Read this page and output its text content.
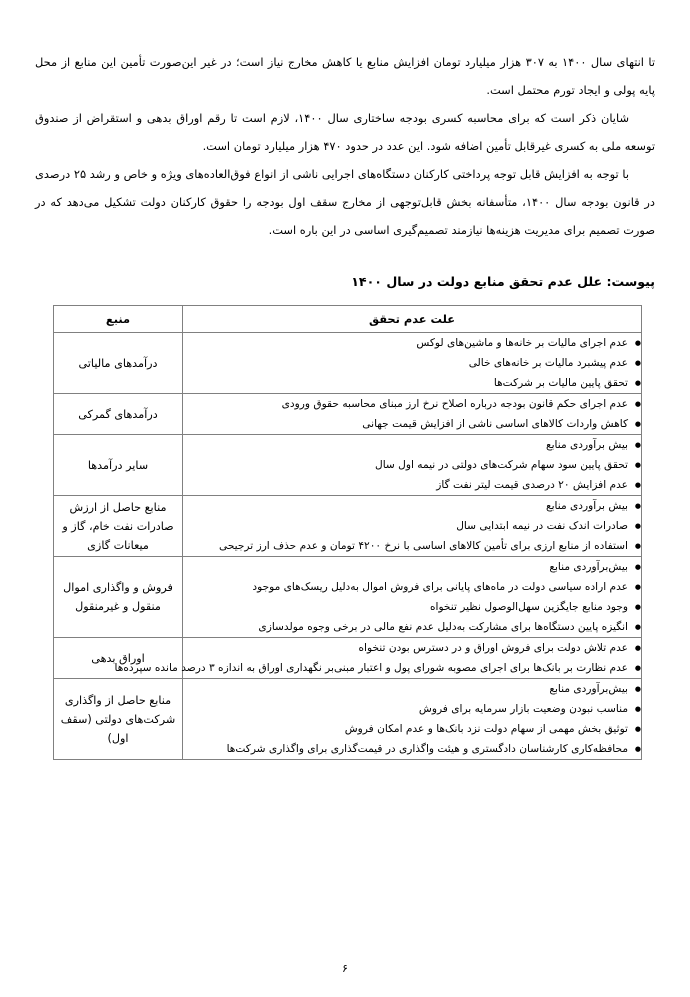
تا انتهای سال ۱۴۰۰ به ۳۰۷ هزار میلیارد تومان افزایش منابع یا کاهش مخارج نیاز است؛ در غیر این‌صورت تأمین این منابع از محل پایه پولی و ایجاد تورم محتمل است.

شایان ذکر است که برای محاسبه کسری بودجه ساختاری سال ۱۴۰۰، لازم است تا رقم اوراق بدهی و استقراض از صندوق توسعه ملی به کسری غیرقابل تأمین اضافه شود. این عدد در حدود ۴۷۰ هزار میلیارد تومان است.

با توجه به افزایش قابل توجه پرداختی کارکنان دستگاه‌های اجرایی ناشی از انواع فوق‌العاده‌های ویژه و خاص و رشد ۲۵ درصدی در قانون بودجه سال ۱۴۰۰، متأسفانه بخش قابل‌توجهی از مخارج سقف اول بودجه را حقوق کارکنان دولت تشکیل می‌دهد که در صورت تصمیم برای مدیریت هزینه‌ها نیازمند تصمیم‌گیری اساسی در این باره است.

پیوست: علل عدم تحقق منابع دولت در سال ۱۴۰۰
علت عدم تحقق	منبع

● عدم اجرای مالیات بر خانه‌ها و ماشین‌های لوکس
● عدم پیشبرد مالیات بر خانه‌های خالی
● تحقق پایین مالیات بر شرکت‌ها
	درآمدهای مالیاتی

● عدم اجرای حکم قانون بودجه درباره اصلاح نرخ ارز مبنای محاسبه حقوق ورودی
● کاهش واردات کالاهای اساسی ناشی از افزایش قیمت جهانی
	درآمدهای گمرکی

● بیش برآوردی منابع
● تحقق پایین سود سهام شرکت‌های دولتی در نیمه اول سال
● عدم افزایش ۲۰ درصدی قیمت لیتر نفت گاز
	سایر درآمدها

● بیش برآوردی منابع
● صادرات اندک نفت در نیمه ابتدایی سال
● استفاده از منابع ارزی برای تأمین کالاهای اساسی با نرخ ۴۲۰۰ تومان و عدم حذف ارز ترجیحی
	منابع حاصل از ارزش صادرات نفت خام، گاز و میعانات گازی

● بیش‌برآوردی منابع
● عدم اراده سیاسی دولت در ماه‌های پایانی برای فروش اموال به‌دلیل ریسک‌های موجود
● وجود منابع جایگزین سهل‌الوصول نظیر تنخواه
● انگیزه پایین دستگاه‌ها برای مشارکت به‌دلیل عدم نفع مالی در برخی وجوه مولدسازی
	فروش و واگذاری اموال منقول و غیرمنقول

● عدم تلاش دولت برای فروش اوراق و در دسترس بودن تنخواه
● عدم نظارت بر بانک‌ها برای اجرای مصوبه شورای پول و اعتبار مبنی‌بر نگهداری اوراق به اندازه ۳ درصد مانده سپرده‌ها
	اوراق بدهی

● بیش‌برآوردی منابع
● مناسب نبودن وضعیت بازار سرمایه برای فروش
● توثیق بخش مهمی از سهام دولت نزد بانک‌ها و عدم امکان فروش
● محافظه‌کاری کارشناسان دادگستری و هیئت واگذاری در قیمت‌گذاری برای واگذاری شرکت‌ها
	منابع حاصل از واگذاری شرکت‌های دولتی (سقف اول)
۶
